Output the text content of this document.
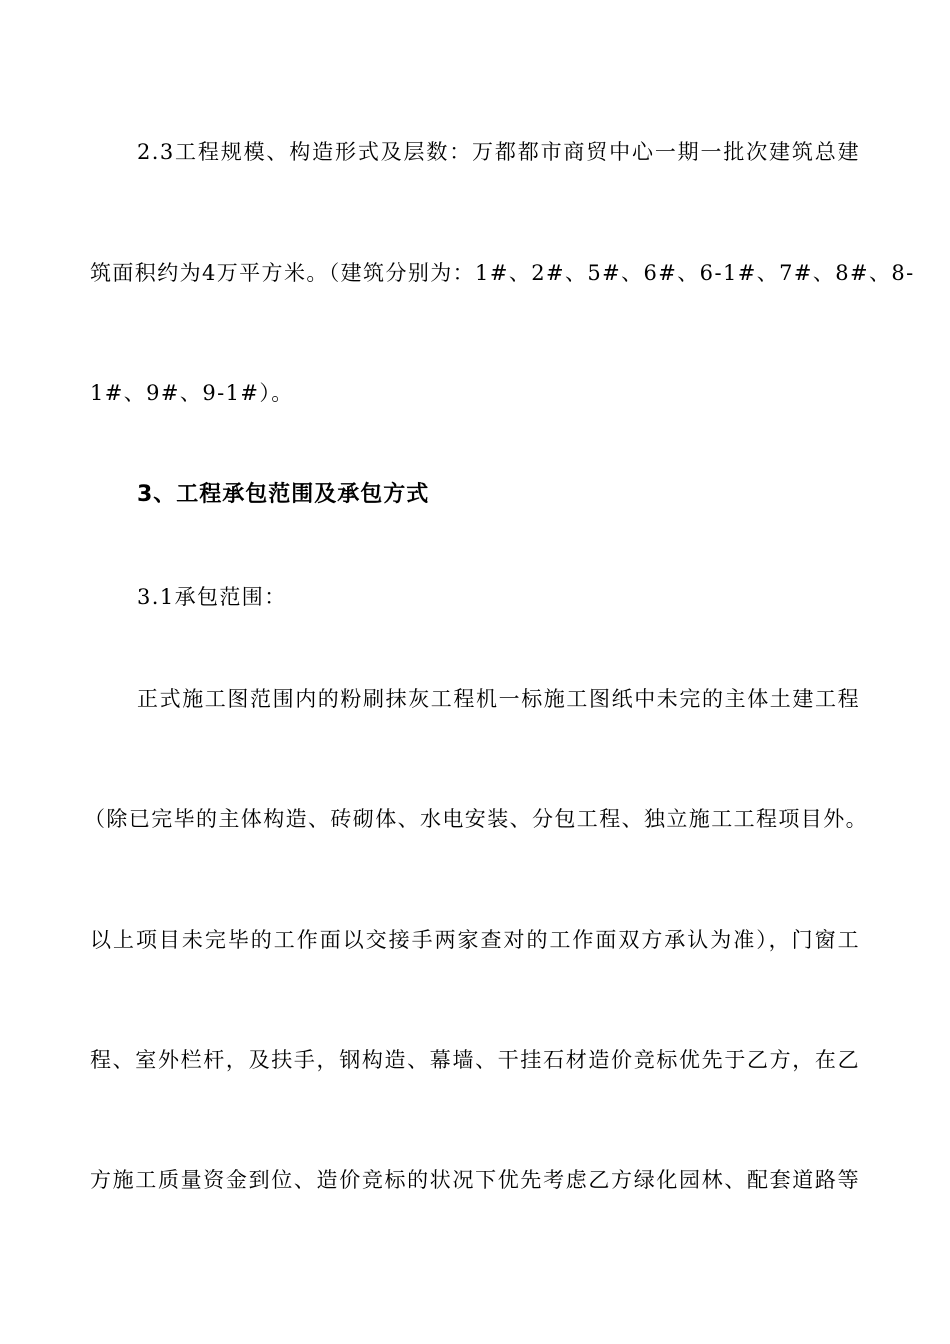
2.3工程规模、构造形式及层数：万都都市商贸中心一期一批次建筑总建
筑面积约为4万平方米。（建筑分别为：1#、2#、5#、6#、6-1#、7#、8#、8-
1#、9#、9-1#）。
3、工程承包范围及承包方式
3.1承包范围：
正式施工图范围内的粉刷抹灰工程机一标施工图纸中未完的主体土建工程
（除已完毕的主体构造、砖砌体、水电安装、分包工程、独立施工工程项目外。
以上项目未完毕的工作面以交接手两家查对的工作面双方承认为准），门窗工
程、室外栏杆，及扶手，钢构造、幕墙、干挂石材造价竞标优先于乙方，在乙
方施工质量资金到位、造价竞标的状况下优先考虑乙方绿化园林、配套道路等
